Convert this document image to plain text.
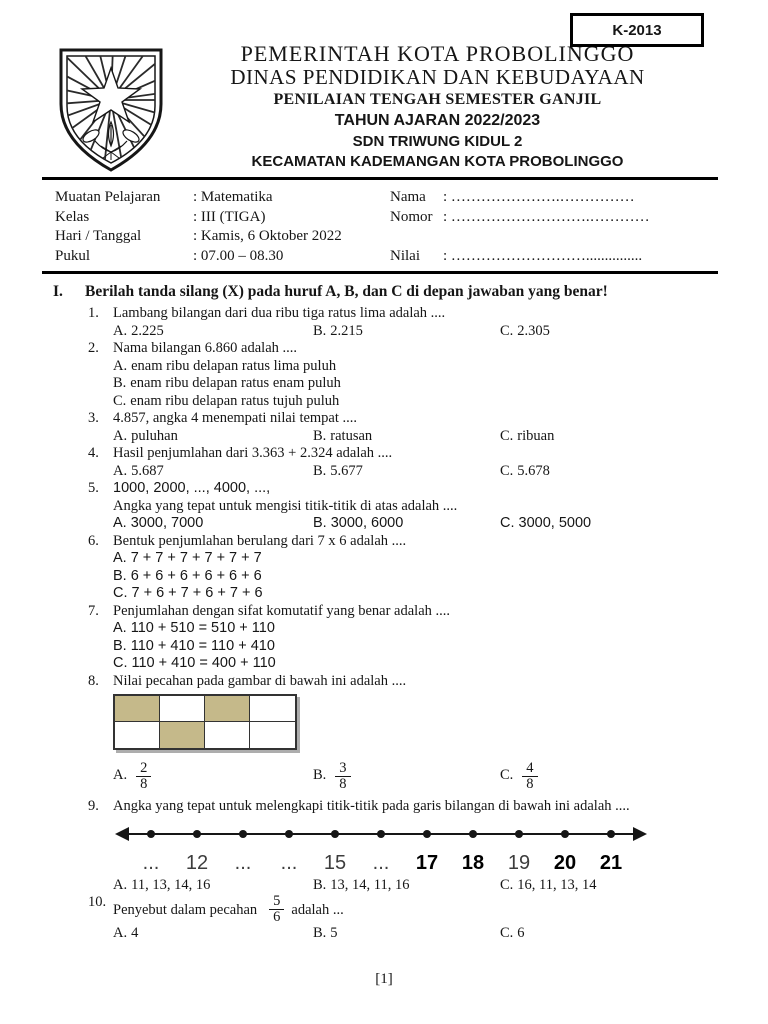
K-2013
PEMERINTAH KOTA PROBOLINGGO
DINAS PENDIDIKAN DAN KEBUDAYAAN
PENILAIAN TENGAH SEMESTER GANJIL
TAHUN AJARAN 2022/2023
SDN TRIWUNG KIDUL 2
KECAMATAN KADEMANGAN KOTA PROBOLINGGO
Muatan Pelajaran	: Matematika	Nama	: ………………….……………
Kelas	: III (TIGA)	Nomor : ……………………….…………
Hari / Tanggal	: Kamis, 6 Oktober 2022
Pukul	: 07.00 – 08.30	Nilai	: ………………………...............
I.	Berilah tanda silang (X) pada huruf A, B, dan C di depan jawaban yang benar!
1. Lambang bilangan dari dua ribu tiga ratus lima adalah ....
A. 2.225	B. 2.215	C. 2.305
2. Nama bilangan 6.860 adalah ....
A. enam ribu delapan ratus lima puluh
B. enam ribu delapan ratus enam puluh
C. enam ribu delapan ratus tujuh puluh
3. 4.857, angka 4 menempati nilai tempat ....
A. puluhan	B. ratusan	C. ribuan
4. Hasil penjumlahan dari 3.363 + 2.324 adalah ....
A. 5.687	B. 5.677	C. 5.678
5. 1000, 2000, ..., 4000, ...,
Angka yang tepat untuk mengisi titik-titik di atas adalah ....
A. 3000, 7000	B. 3000, 6000	C. 3000, 5000
6. Bentuk penjumlahan berulang dari 7 x 6 adalah ....
A. 7 + 7 + 7 + 7 + 7 + 7
B. 6 + 6 + 6 + 6 + 6 + 6
C. 7 + 6 + 7 + 6 + 7 + 6
7. Penjumlahan dengan sifat komutatif yang benar adalah ....
A. 110 + 510 = 510 + 110
B. 110 + 410 = 110 + 410
C. 110 + 410 = 400 + 110
8. Nilai pecahan pada gambar di bawah ini adalah ....
A. $\frac{2}{8}$	B. $\frac{3}{8}$	C. $\frac{4}{8}$
9. Angka yang tepat untuk melengkapi titik-titik pada garis bilangan di bawah ini adalah ....
...	12	...	...	15	...	17	18	19	20	21
A. 11, 13, 14, 16	B. 13, 14, 11, 16	C. 16, 11, 13, 14
10. Penyebut dalam pecahan $\frac{5}{6}$ adalah ...
A. 4	B. 5	C. 6
[1]
